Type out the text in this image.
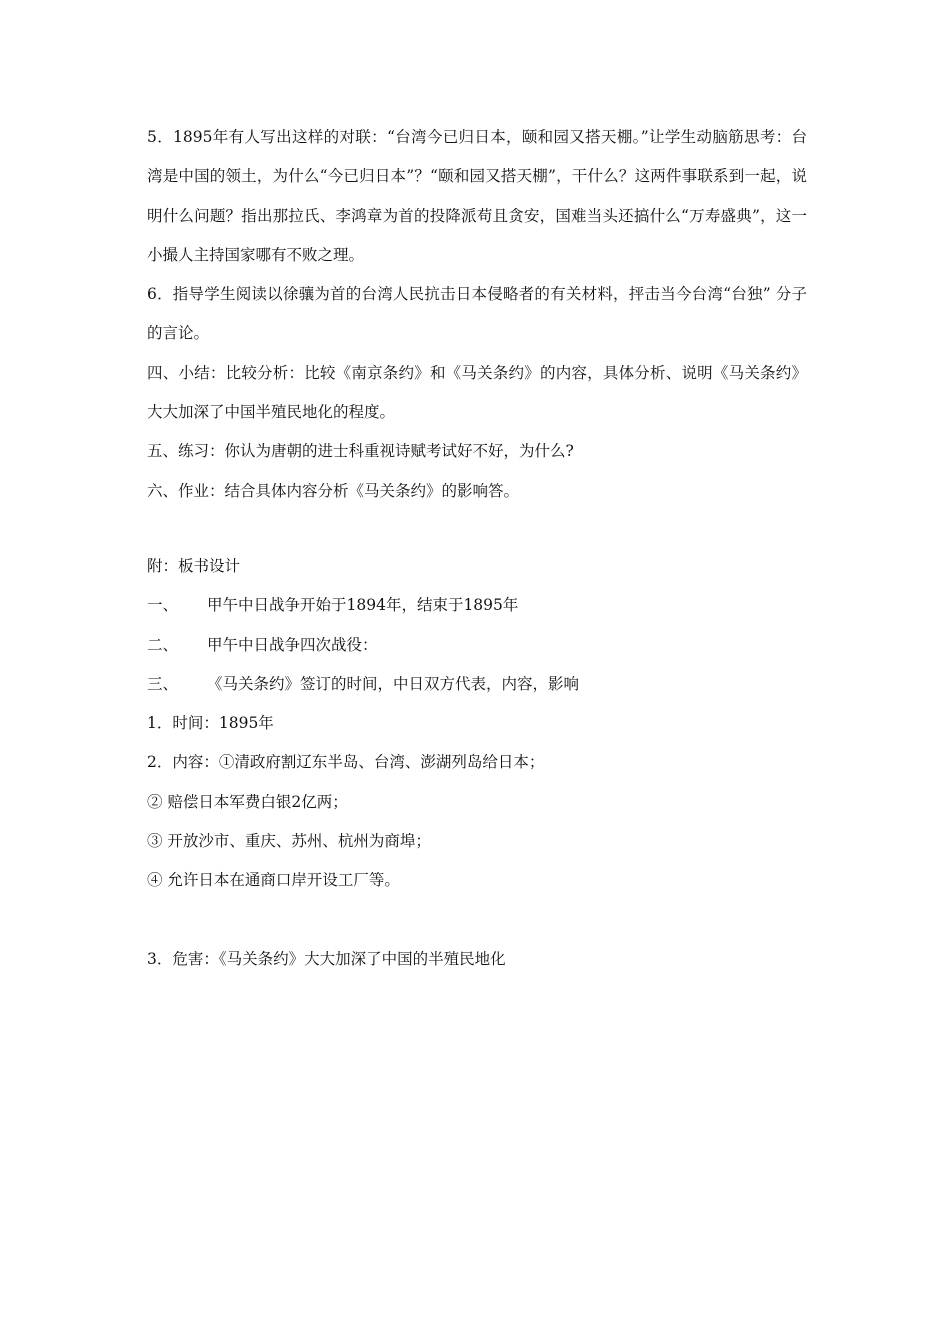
5．1895年有人写出这样的对联：“台湾今已归日本，颐和园又搭天棚。”让学生动脑筋思考：台湾是中国的领土，为什么“今已归日本”？“颐和园又搭天棚”，干什么？这两件事联系到一起，说明什么问题？指出那拉氏、李鸿章为首的投降派苟且贪安，国难当头还搞什么“万寿盛典”，这一小撮人主持国家哪有不败之理。

6．指导学生阅读以徐骧为首的台湾人民抗击日本侵略者的有关材料，抨击当今台湾“台独” 分子的言论。

四、小结：比较分析：比较《南京条约》和《马关条约》的内容，具体分析、说明《马关条约》大大加深了中国半殖民地化的程度。

五、练习：你认为唐朝的进士科重视诗赋考试好不好，为什么?

六、作业：结合具体内容分析《马关条约》的影响答。

附：板书设计

一、 甲午中日战争开始于1894年，结束于1895年

二、 甲午中日战争四次战役：

三、 《马关条约》签订的时间，中日双方代表，内容，影响

1．时间：1895年

2．内容：①清政府割辽东半岛、台湾、澎湖列岛给日本；

② 赔偿日本军费白银2亿两；

③ 开放沙市、重庆、苏州、杭州为商埠；

④ 允许日本在通商口岸开设工厂等。

3．危害：《马关条约》大大加深了中国的半殖民地化
